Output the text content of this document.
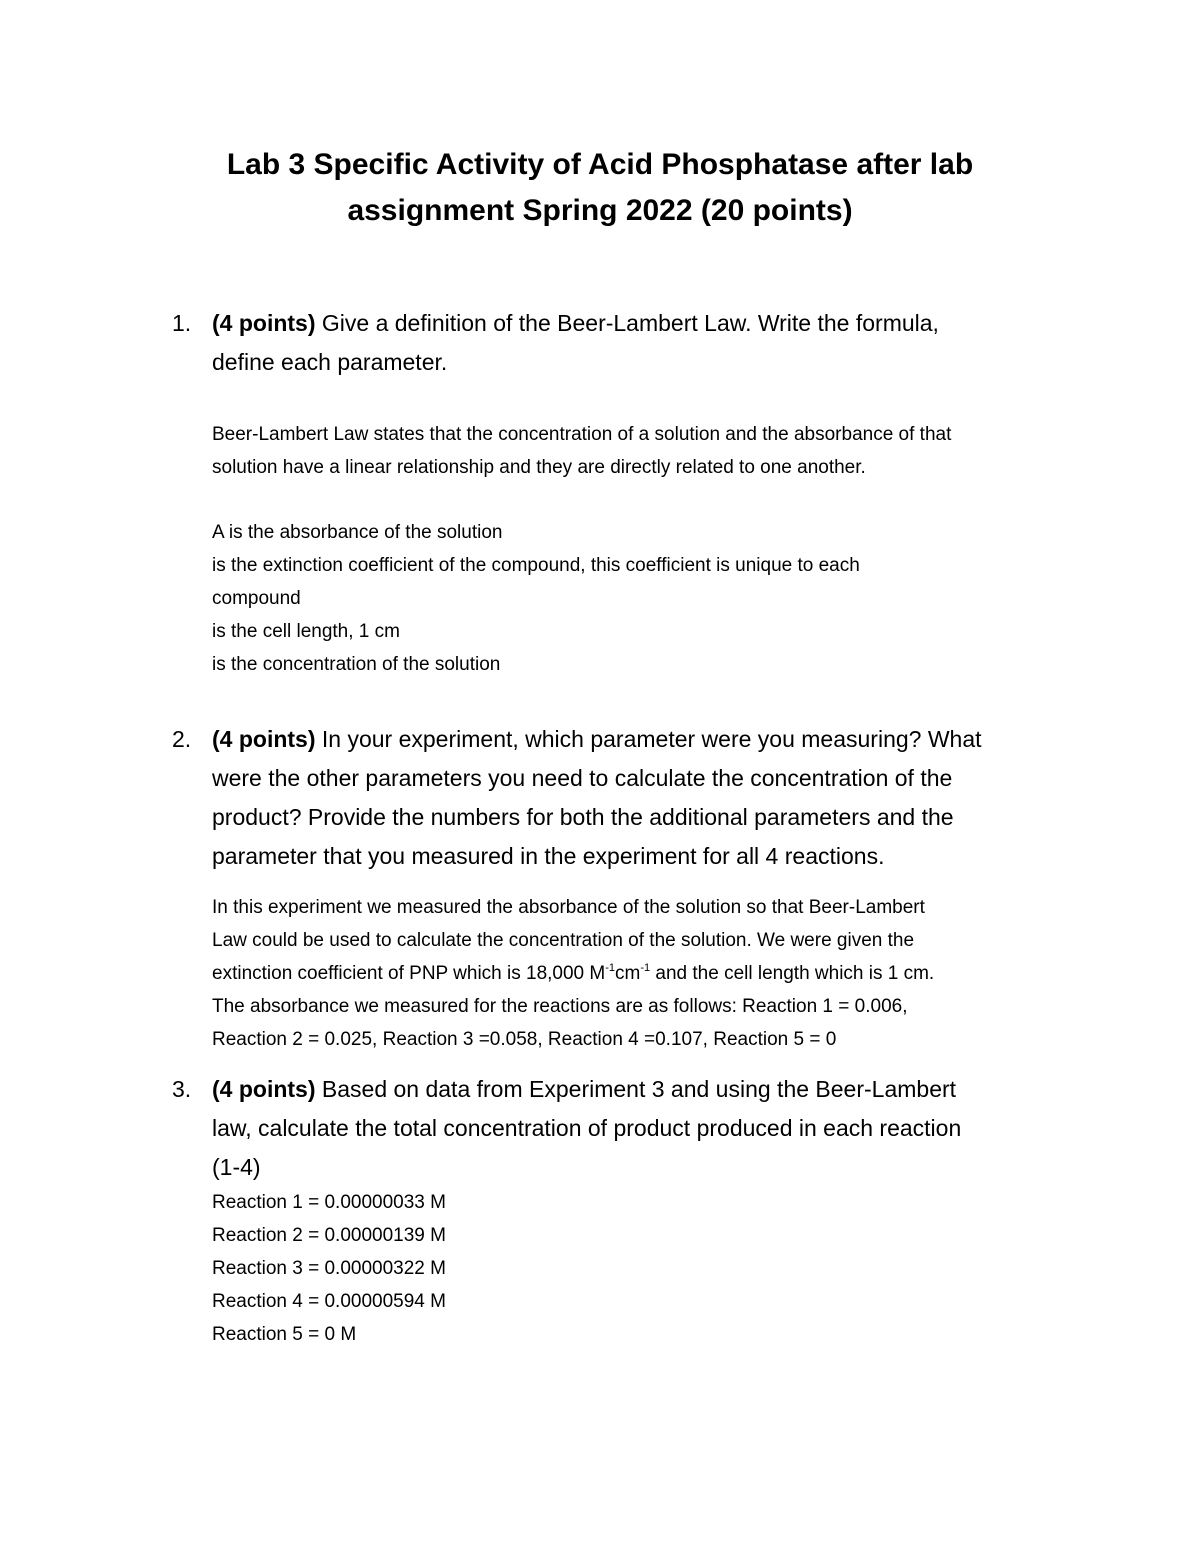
Lab 3 Specific Activity of Acid Phosphatase after lab
assignment Spring 2022 (20 points)
1. (4 points) Give a definition of the Beer-Lambert Law. Write the formula,
define each parameter.
Beer-Lambert Law states that the concentration of a solution and the absorbance of that
solution have a linear relationship and they are directly related to one another.
A is the absorbance of the solution
is the extinction coefficient of the compound, this coefficient is unique to each
compound
is the cell length, 1 cm
is the concentration of the solution
2. (4 points) In your experiment, which parameter were you measuring? What
were the other parameters you need to calculate the concentration of the
product? Provide the numbers for both the additional parameters and the
parameter that you measured in the experiment for all 4 reactions.
In this experiment we measured the absorbance of the solution so that Beer-Lambert
Law could be used to calculate the concentration of the solution. We were given the
extinction coefficient of PNP which is 18,000 $M^{-1}cm^{-1}$ and the cell length which is 1 cm.
The absorbance we measured for the reactions are as follows: Reaction 1 = 0.006,
Reaction 2 = 0.025, Reaction 3 =0.058, Reaction 4 =0.107, Reaction 5 = 0
3. (4 points) Based on data from Experiment 3 and using the Beer-Lambert
law, calculate the total concentration of product produced in each reaction
(1-4)
Reaction 1 = 0.00000033 M
Reaction 2 = 0.00000139 M
Reaction 3 = 0.00000322 M
Reaction 4 = 0.00000594 M
Reaction 5 = 0 M
